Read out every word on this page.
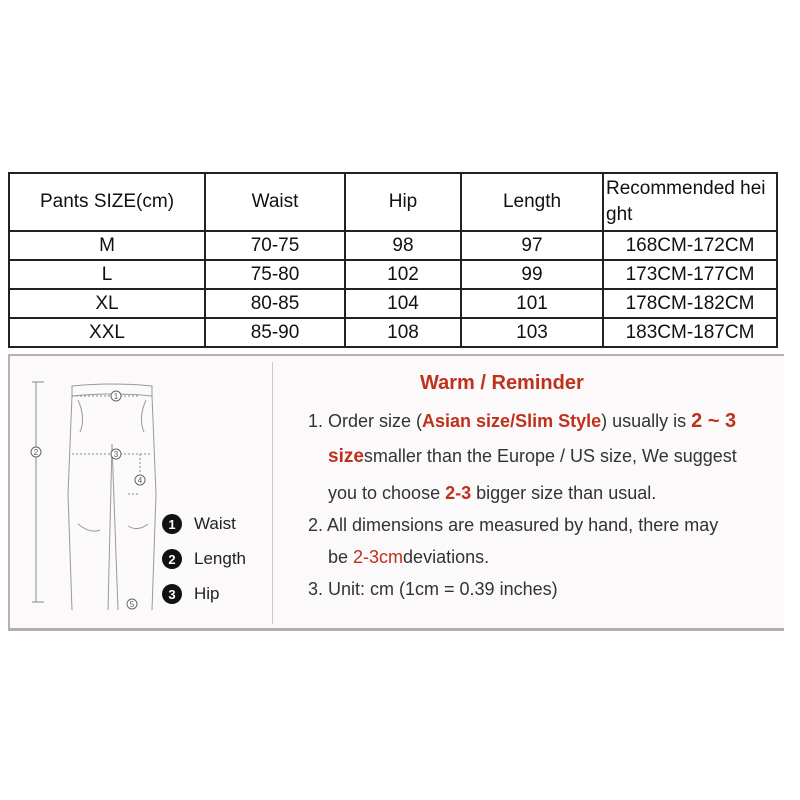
Pants SIZE(cm)	Waist	Hip	Length	Recommended height
M	70-75	98	97	168CM-172CM
L	75-80	102	99	173CM-177CM
XL	80-85	104	101	178CM-182CM
XXL	85-90	108	103	183CM-187CM
1
2	3
4
5
1	Waist
2	Length
3	Hip
Warm / Reminder
1. Order size (Asian size/Slim Style) usually is 2 ~ 3
sizesmaller than the Europe / US size, We suggest
you to choose 2-3 bigger size than usual.
2. All dimensions are measured by hand, there may
be 2-3cmdeviations.
3. Unit: cm (1cm = 0.39 inches)
